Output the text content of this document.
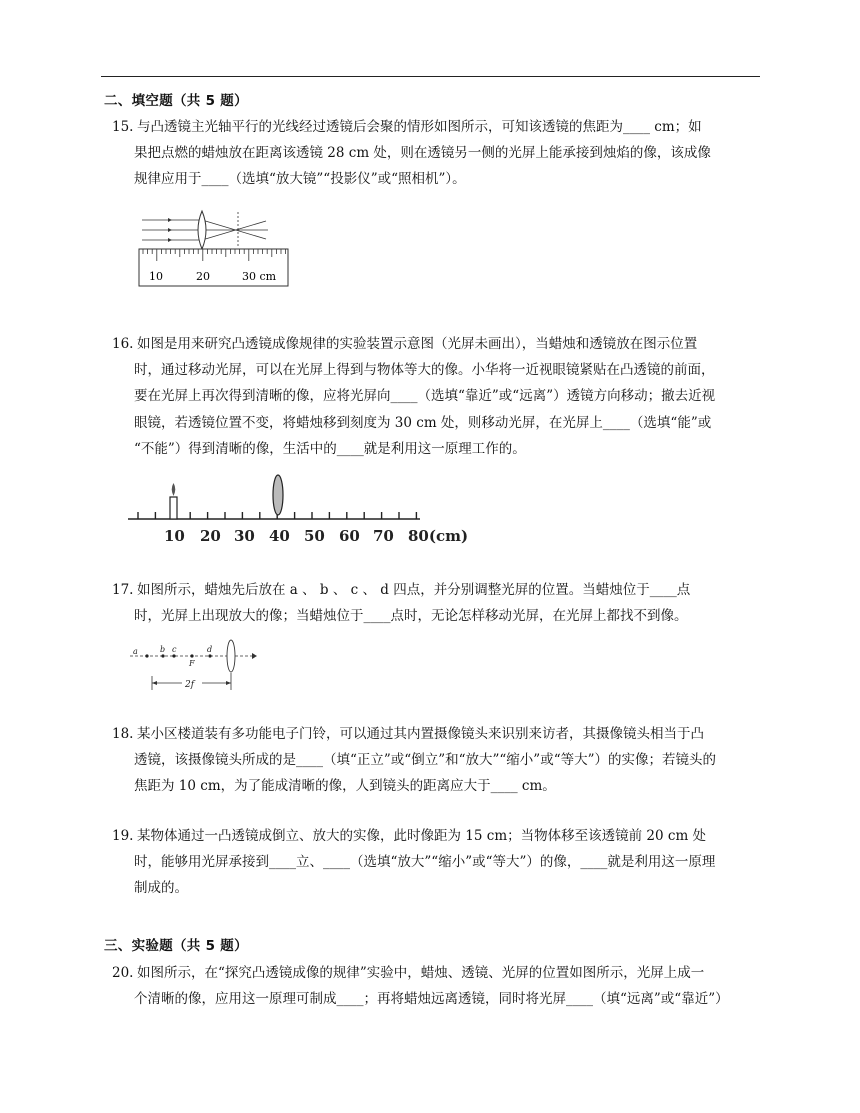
二、填空题（共 5 题）
15. 与凸透镜主光轴平行的光线经过透镜后会聚的情形如图所示，可知该透镜的焦距为____ cm；如
果把点燃的蜡烛放在距离该透镜 28 cm 处，则在透镜另一侧的光屏上能承接到烛焰的像，该成像
规律应用于____（选填“放大镜”“投影仪”或“照相机”）。
10	20	30 cm
16. 如图是用来研究凸透镜成像规律的实验装置示意图（光屏未画出），当蜡烛和透镜放在图示位置
时，通过移动光屏，可以在光屏上得到与物体等大的像。小华将一近视眼镜紧贴在凸透镜的前面，
要在光屏上再次得到清晰的像，应将光屏向____（选填“靠近”或“远离”）透镜方向移动；撤去近视
眼镜，若透镜位置不变，将蜡烛移到刻度为 30 cm 处，则移动光屏，在光屏上____（选填“能”或
“不能”）得到清晰的像，生活中的____就是利用这一原理工作的。
10 20 30 40 50 60 70 80(cm)
17. 如图所示，蜡烛先后放在 a 、 b 、 c 、 d 四点，并分别调整光屏的位置。当蜡烛位于____点
时，光屏上出现放大的像；当蜡烛位于____点时，无论怎样移动光屏，在光屏上都找不到像。
a	b c	d
F
2f
18. 某小区楼道装有多功能电子门铃，可以通过其内置摄像镜头来识别来访者，其摄像镜头相当于凸
透镜，该摄像镜头所成的是____（填“正立”或“倒立”和“放大”“缩小”或“等大”）的实像；若镜头的
焦距为 10 cm，为了能成清晰的像，人到镜头的距离应大于____ cm。
19. 某物体通过一凸透镜成倒立、放大的实像，此时像距为 15 cm；当物体移至该透镜前 20 cm 处
时，能够用光屏承接到____立、____（选填“放大”“缩小”或“等大”）的像，____就是利用这一原理
制成的。
三、实验题（共 5 题）
20. 如图所示，在“探究凸透镜成像的规律”实验中，蜡烛、透镜、光屏的位置如图所示，光屏上成一
个清晰的像，应用这一原理可制成____；再将蜡烛远离透镜，同时将光屏____（填“远离”或“靠近”）
